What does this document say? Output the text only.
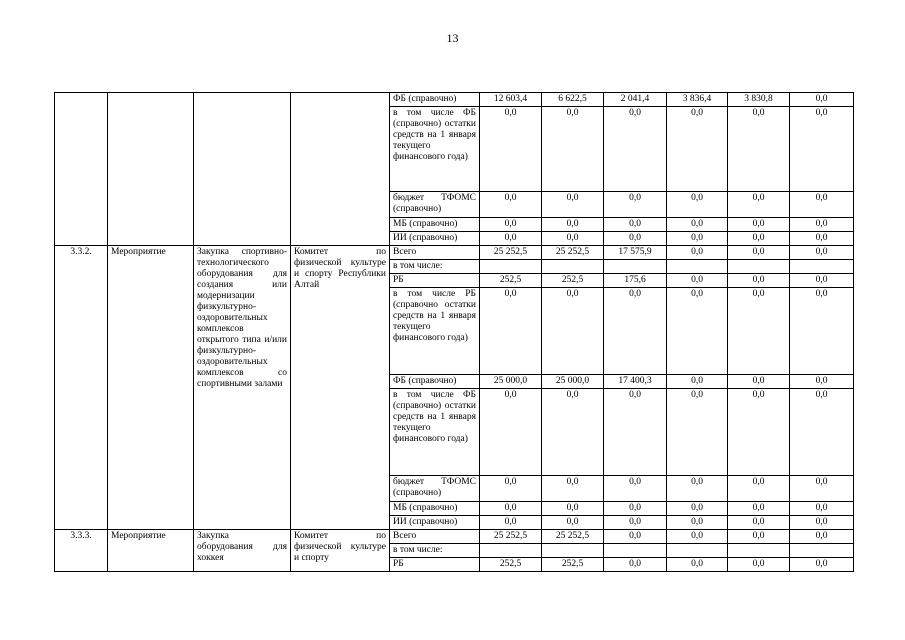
13
				ФБ (справочно)	12 603,4	6 622,5	2 041,4	3 836,4	3 830,8	0,0
				в том числе ФБ (справочно) остатки средств на 1 января текущего финансового года)	0,0	0,0	0,0	0,0	0,0	0,0
				бюджет ТФОМС (справочно)	0,0	0,0	0,0	0,0	0,0	0,0
				МБ (справочно)	0,0	0,0	0,0	0,0	0,0	0,0
				ИИ (справочно)	0,0	0,0	0,0	0,0	0,0	0,0
3.3.2.	Мероприятие	Закупка спортивно-технологического оборудования для создания или модернизации физкультурно-оздоровительных комплексов открытого типа и/или физкультурно-оздоровительных комплексов со спортивными залами	Комитет по физической культуре и спорту Республики Алтай	Всего	25 252,5	25 252,5	17 575,9	0,0	0,0	0,0
				в том числе:						
				РБ	252,5	252,5	175,6	0,0	0,0	0,0
				в том числе РБ (справочно остатки средств на 1 января текущего финансового года)	0,0	0,0	0,0	0,0	0,0	0,0
				ФБ (справочно)	25 000,0	25 000,0	17 400,3	0,0	0,0	0,0
				в том числе ФБ (справочно) остатки средств на 1 января текущего финансового года)	0,0	0,0	0,0	0,0	0,0	0,0
				бюджет ТФОМС (справочно)	0,0	0,0	0,0	0,0	0,0	0,0
				МБ (справочно)	0,0	0,0	0,0	0,0	0,0	0,0
				ИИ (справочно)	0,0	0,0	0,0	0,0	0,0	0,0
3.3.3.	Мероприятие	Закупка оборудования для хоккея	Комитет по физической культуре и спорту	Всего	25 252,5	25 252,5	0,0	0,0	0,0	0,0
				в том числе:						
				РБ	252,5	252,5	0,0	0,0	0,0	0,0
